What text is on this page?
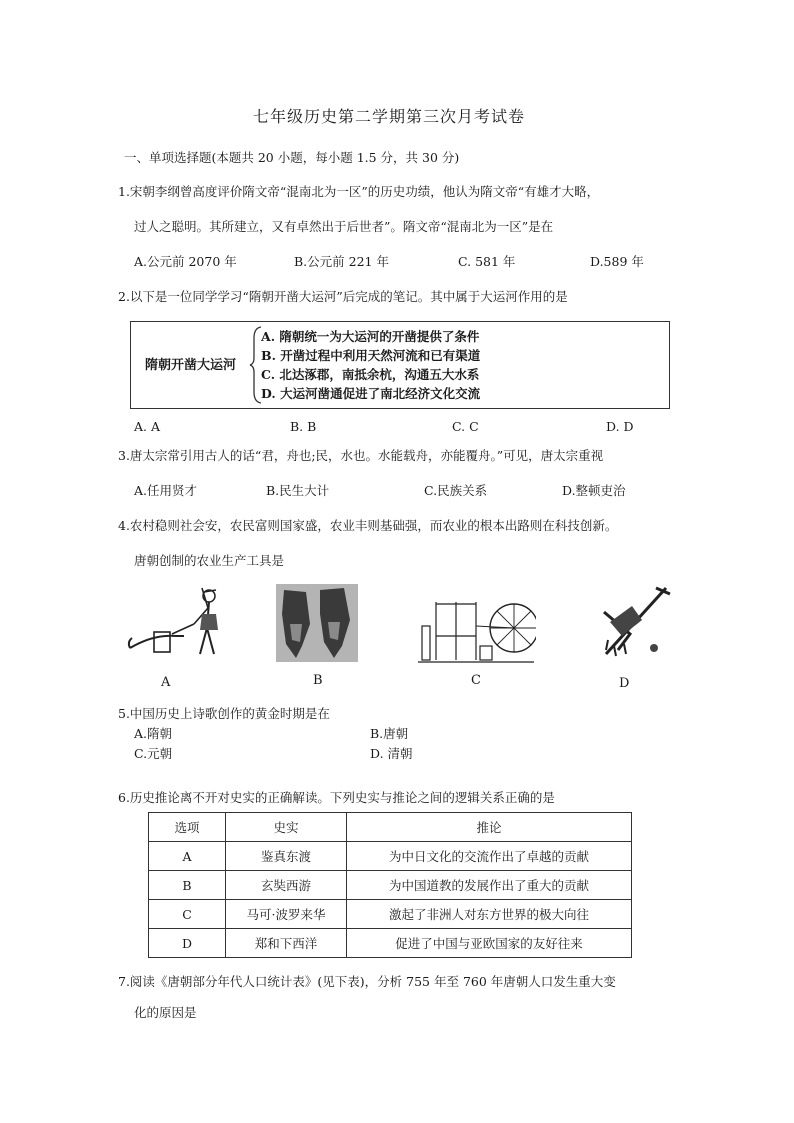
七年级历史第二学期第三次月考试卷
一、单项选择题(本题共 20 小题，每小题 1.5 分，共 30 分)
1.宋朝李纲曾高度评价隋文帝“混南北为一区”的历史功绩，他认为隋文帝“有雄才大略，
过人之聪明。其所建立，又有卓然出于后世者”。隋文帝“混南北为一区”是在
A.公元前 2070 年	B.公元前 221 年	C. 581 年	D.589 年
2.以下是一位同学学习“隋朝开凿大运河”后完成的笔记。其中属于大运河作用的是
隋朝开凿大运河
A. 隋朝统一为大运河的开凿提供了条件
B. 开凿过程中利用天然河流和已有渠道
C. 北达涿郡，南抵余杭，沟通五大水系
D. 大运河凿通促进了南北经济文化交流
A. A	B. B	C. C	D. D
3.唐太宗常引用古人的话“君，舟也;民，水也。水能载舟，亦能覆舟。”可见，唐太宗重视
A.任用贤才	B.民生大计	C.民族关系	D.整顿吏治
4.农村稳则社会安，农民富则国家盛，农业丰则基础强，而农业的根本出路则在科技创新。
唐朝创制的农业生产工具是
A	B	C	D
5.中国历史上诗歌创作的黄金时期是在
A.隋朝	B.唐朝
C.元朝	D. 清朝
6.历史推论离不开对史实的正确解读。下列史实与推论之间的逻辑关系正确的是
选项	史实	推论
A	鉴真东渡	为中日文化的交流作出了卓越的贡献
B	玄奘西游	为中国道教的发展作出了重大的贡献
C	马可·波罗来华	激起了非洲人对东方世界的极大向往
D	郑和下西洋	促进了中国与亚欧国家的友好往来
7.阅读《唐朝部分年代人口统计表》(见下表)，分析 755 年至 760 年唐朝人口发生重大变
化的原因是
